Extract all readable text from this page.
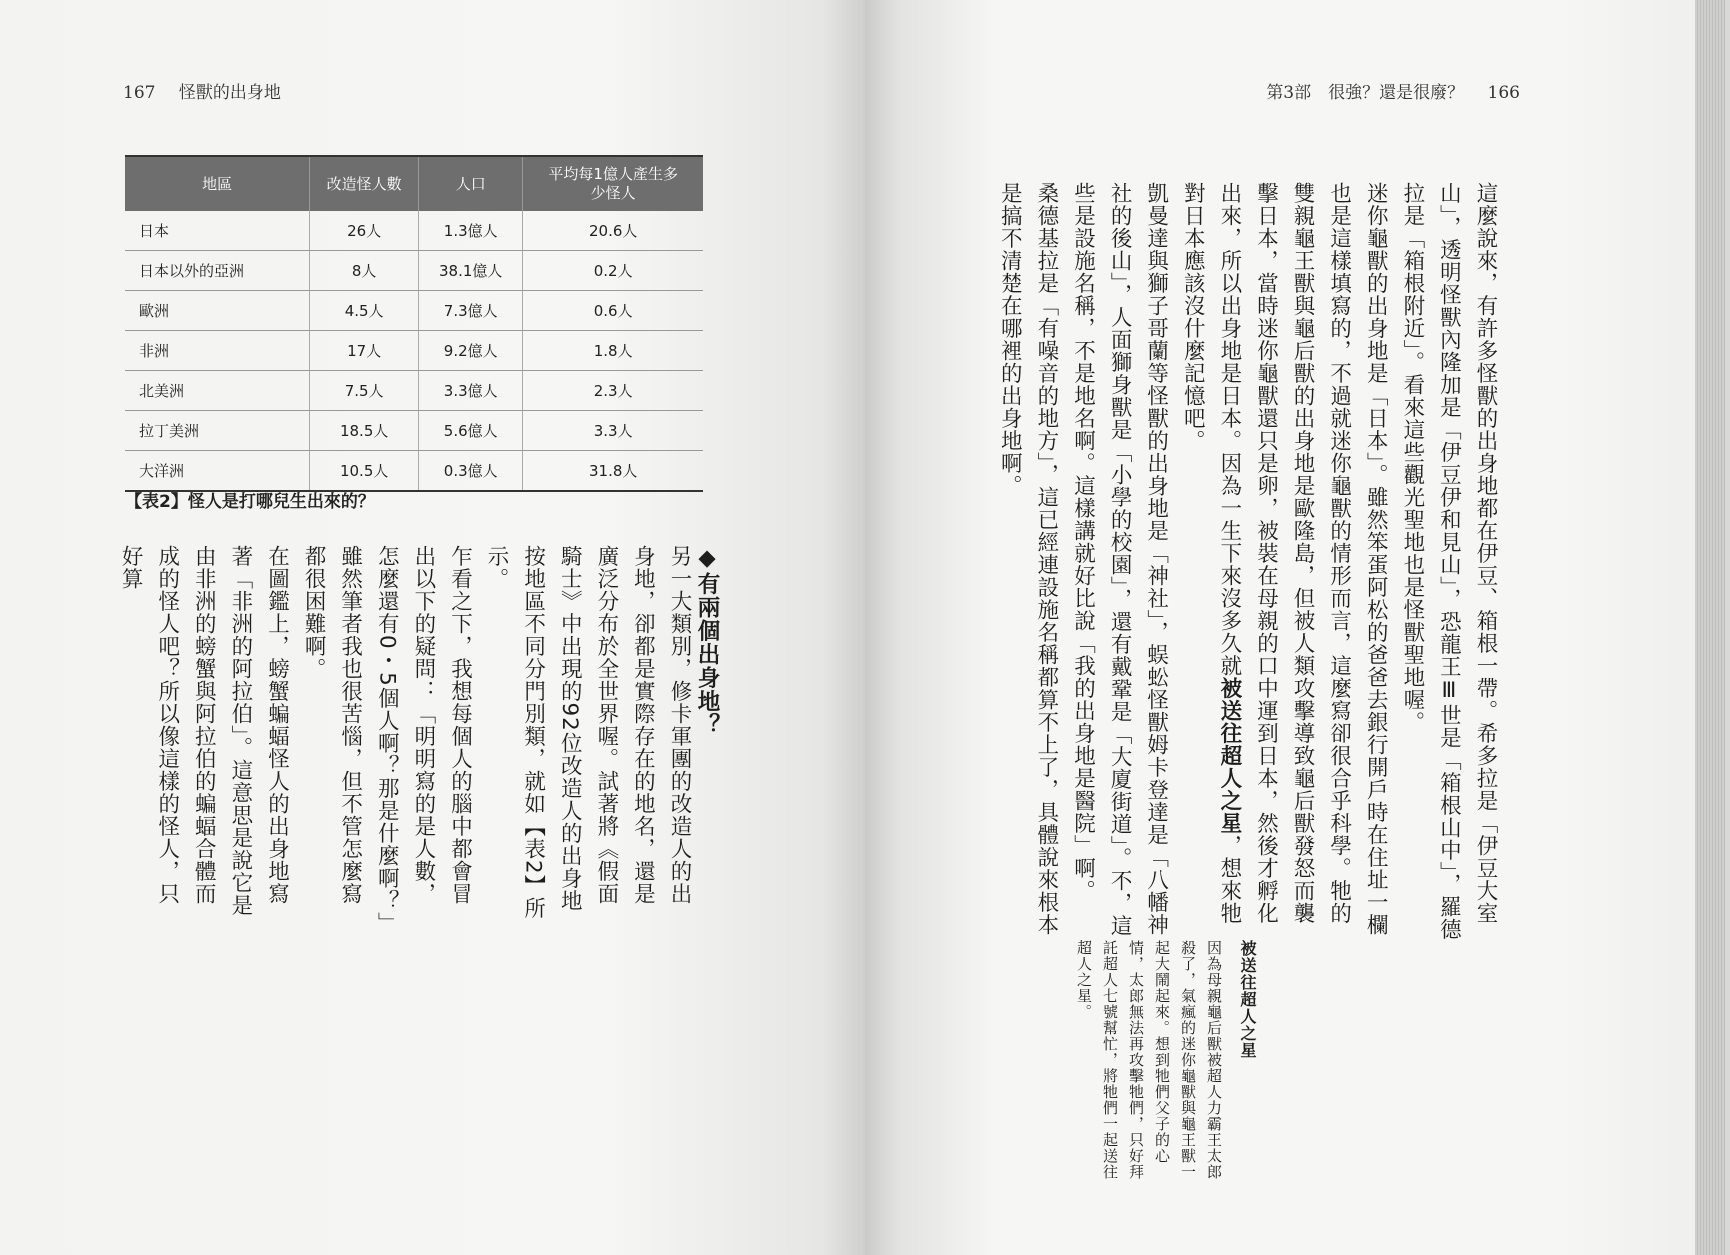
167 怪獸的出身地
地區	改造怪人數	人口	平均每1億人產生多少怪人
日本	26人	1.3億人	20.6人
日本以外的亞洲	8人	38.1億人	0.2人
歐洲	4.5人	7.3億人	0.6人
非洲	17人	9.2億人	1.8人
北美洲	7.5人	3.3億人	2.3人
拉丁美洲	18.5人	5.6億人	3.3人
大洋洲	10.5人	0.3億人	31.8人
【表2】怪人是打哪兒生出來的？
◆有兩個出身地？
另一大類別，修卡軍團的改造人的出身地，卻都是實際存在的地名，還是廣泛分布於全世界喔。試著將《假面騎士》中出現的92位改造人的出身地按地區不同分門別類，就如【表2】所示。
乍看之下，我想每個人的腦中都會冒出以下的疑問：「明明寫的是人數，怎麼還有0・5個人啊？那是什麼啊？」雖然筆者我也很苦惱，但不管怎麼寫都很困難啊。
在圖鑑上，螃蟹蝙蝠怪人的出身地寫著「非洲的阿拉伯」。這意思是說它是由非洲的螃蟹與阿拉伯的蝙蝠合體而成的怪人吧？所以像這樣的怪人，只好算
第3部　很強？還是很廢？ 166
這麼說來，有許多怪獸的出身地都在伊豆、箱根一帶。希多拉是「伊豆大室山」，透明怪獸內隆加是「伊豆伊和見山」，恐龍王Ⅲ世是「箱根山中」，羅德拉是「箱根附近」。看來這些觀光聖地也是怪獸聖地喔。
迷你龜獸的出身地是「日本」。雖然笨蛋阿松的爸爸去銀行開戶時在住址一欄也是這樣填寫的，不過就迷你龜獸的情形而言，這麼寫卻很合乎科學。牠的雙親龜王獸與龜后獸的出身地是歐隆島，但被人類攻擊導致龜后獸發怒而襲擊日本，當時迷你龜獸還只是卵，被裝在母親的口中運到日本，然後才孵化出來，所以出身地是日本。因為一生下來沒多久就被送往超人之星，想來牠對日本應該沒什麼記憶吧。
凱曼達與獅子哥蘭等怪獸的出身地是「神社」，蜈蚣怪獸姆卡登達是「八幡神社的後山」，人面獅身獸是「小學的校園」，還有戴鞏是「大廈街道」。不，這些是設施名稱，不是地名啊。這樣講就好比說「我的出身地是醫院」啊。
桑德基拉是「有噪音的地方」，這已經連設施名稱都算不上了，具體說來根本是搞不清楚在哪裡的出身地啊。
被送往超人之星
因為母親龜后獸被超人力霸王太郎殺了，氣瘋的迷你龜獸與龜王獸一起大鬧起來。想到牠們父子的心情，太郎無法再攻擊牠們，只好拜託超人七號幫忙，將牠們一起送往超人之星。
